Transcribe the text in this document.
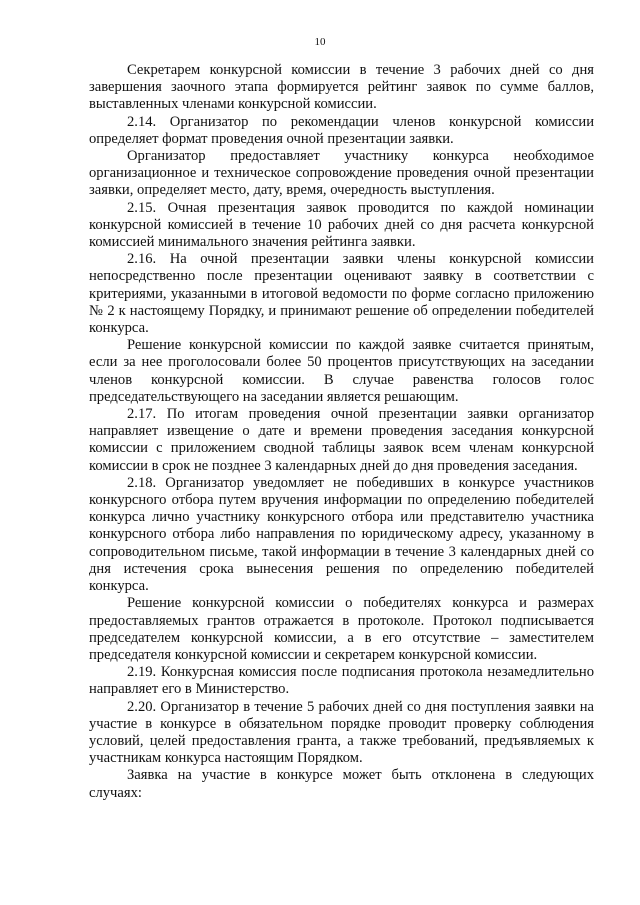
10

Секретарем конкурсной комиссии в течение 3 рабочих дней со дня завершения заочного этапа формируется рейтинг заявок по сумме баллов, выставленных членами конкурсной комиссии.

2.14. Организатор по рекомендации членов конкурсной комиссии определяет формат проведения очной презентации заявки.

Организатор предоставляет участнику конкурса необходимое организационное и техническое сопровождение проведения очной презентации заявки, определяет место, дату, время, очередность выступления.

2.15. Очная презентация заявок проводится по каждой номинации конкурсной комиссией в течение 10 рабочих дней со дня расчета конкурсной комиссией минимального значения рейтинга заявки.

2.16. На очной презентации заявки члены конкурсной комиссии непосредственно после презентации оценивают заявку в соответствии с критериями, указанными в итоговой ведомости по форме согласно приложению № 2 к настоящему Порядку, и принимают решение об определении победителей конкурса.

Решение конкурсной комиссии по каждой заявке считается принятым, если за нее проголосовали более 50 процентов присутствующих на заседании членов конкурсной комиссии. В случае равенства голосов голос председательствующего на заседании является решающим.

2.17. По итогам проведения очной презентации заявки организатор направляет извещение о дате и времени проведения заседания конкурсной комиссии с приложением сводной таблицы заявок всем членам конкурсной комиссии в срок не позднее 3 календарных дней до дня проведения заседания.

2.18. Организатор уведомляет не победивших в конкурсе участников конкурсного отбора путем вручения информации по определению победителей конкурса лично участнику конкурсного отбора или представителю участника конкурсного отбора либо направления по юридическому адресу, указанному в сопроводительном письме, такой информации в течение 3 календарных дней со дня истечения срока вынесения решения по определению победителей конкурса.

Решение конкурсной комиссии о победителях конкурса и размерах предоставляемых грантов отражается в протоколе. Протокол подписывается председателем конкурсной комиссии, а в его отсутствие – заместителем председателя конкурсной комиссии и секретарем конкурсной комиссии.

2.19. Конкурсная комиссия после подписания протокола незамедлительно направляет его в Министерство.

2.20. Организатор в течение 5 рабочих дней со дня поступления заявки на участие в конкурсе в обязательном порядке проводит проверку соблюдения условий, целей предоставления гранта, а также требований, предъявляемых к участникам конкурса настоящим Порядком.

Заявка на участие в конкурсе может быть отклонена в следующих случаях:
